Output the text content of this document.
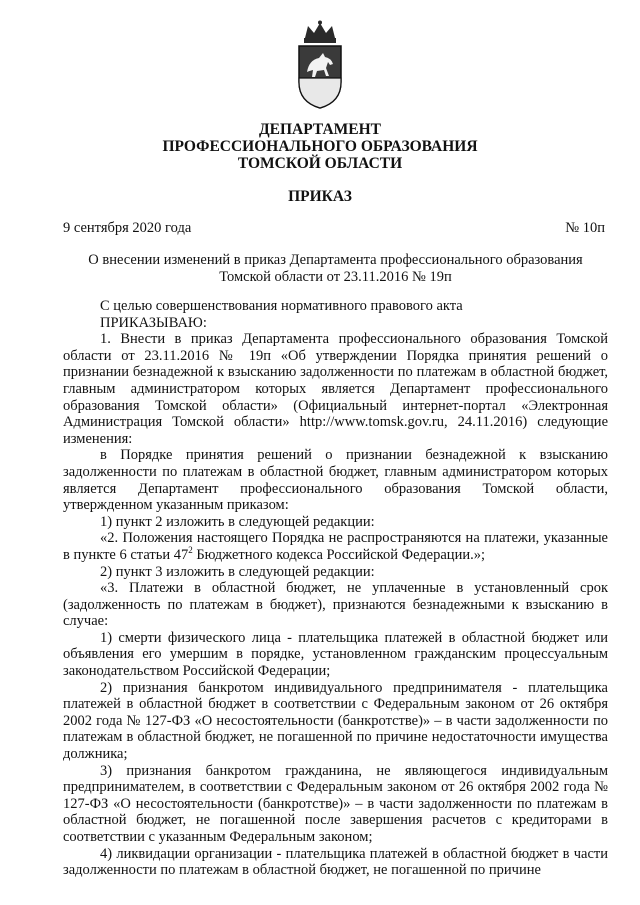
ДЕПАРТАМЕНТ
ПРОФЕССИОНАЛЬНОГО ОБРАЗОВАНИЯ
ТОМСКОЙ ОБЛАСТИ
ПРИКАЗ
9 сентября 2020 года	№ 10п
О внесении изменений в приказ Департамента профессионального образования Томской области от 23.11.2016 № 19п

С целью совершенствования нормативного правового акта

ПРИКАЗЫВАЮ:

1. Внести в приказ Департамента профессионального образования Томской области от 23.11.2016 № 19п «Об утверждении Порядка принятия решений о признании безнадежной к взысканию задолженности по платежам в областной бюджет, главным администратором которых является Департамент профессионального образования Томской области» (Официальный интернет-портал «Электронная Администрация Томской области» http://www.tomsk.gov.ru, 24.11.2016) следующие изменения:

в Порядке принятия решений о признании безнадежной к взысканию задолженности по платежам в областной бюджет, главным администратором которых является Департамент профессионального образования Томской области, утвержденном указанным приказом:

1) пункт 2 изложить в следующей редакции:

«2. Положения настоящего Порядка не распространяются на платежи, указанные в пункте 6 статьи $47^2$ Бюджетного кодекса Российской Федерации.»;

2) пункт 3 изложить в следующей редакции:

«3. Платежи в областной бюджет, не уплаченные в установленный срок (задолженность по платежам в бюджет), признаются безнадежными к взысканию в случае:

1) смерти физического лица - плательщика платежей в областной бюджет или объявления его умершим в порядке, установленном гражданским процессуальным законодательством Российской Федерации;

2) признания банкротом индивидуального предпринимателя - плательщика платежей в областной бюджет в соответствии с Федеральным законом от 26 октября 2002 года № 127-ФЗ «О несостоятельности (банкротстве)» – в части задолженности по платежам в областной бюджет, не погашенной по причине недостаточности имущества должника;

3) признания банкротом гражданина, не являющегося индивидуальным предпринимателем, в соответствии с Федеральным законом от 26 октября 2002 года № 127-ФЗ «О несостоятельности (банкротстве)» – в части задолженности по платежам в областной бюджет, не погашенной после завершения расчетов с кредиторами в соответствии с указанным Федеральным законом;

4) ликвидации организации - плательщика платежей в областной бюджет в части задолженности по платежам в областной бюджет, не погашенной по причине
